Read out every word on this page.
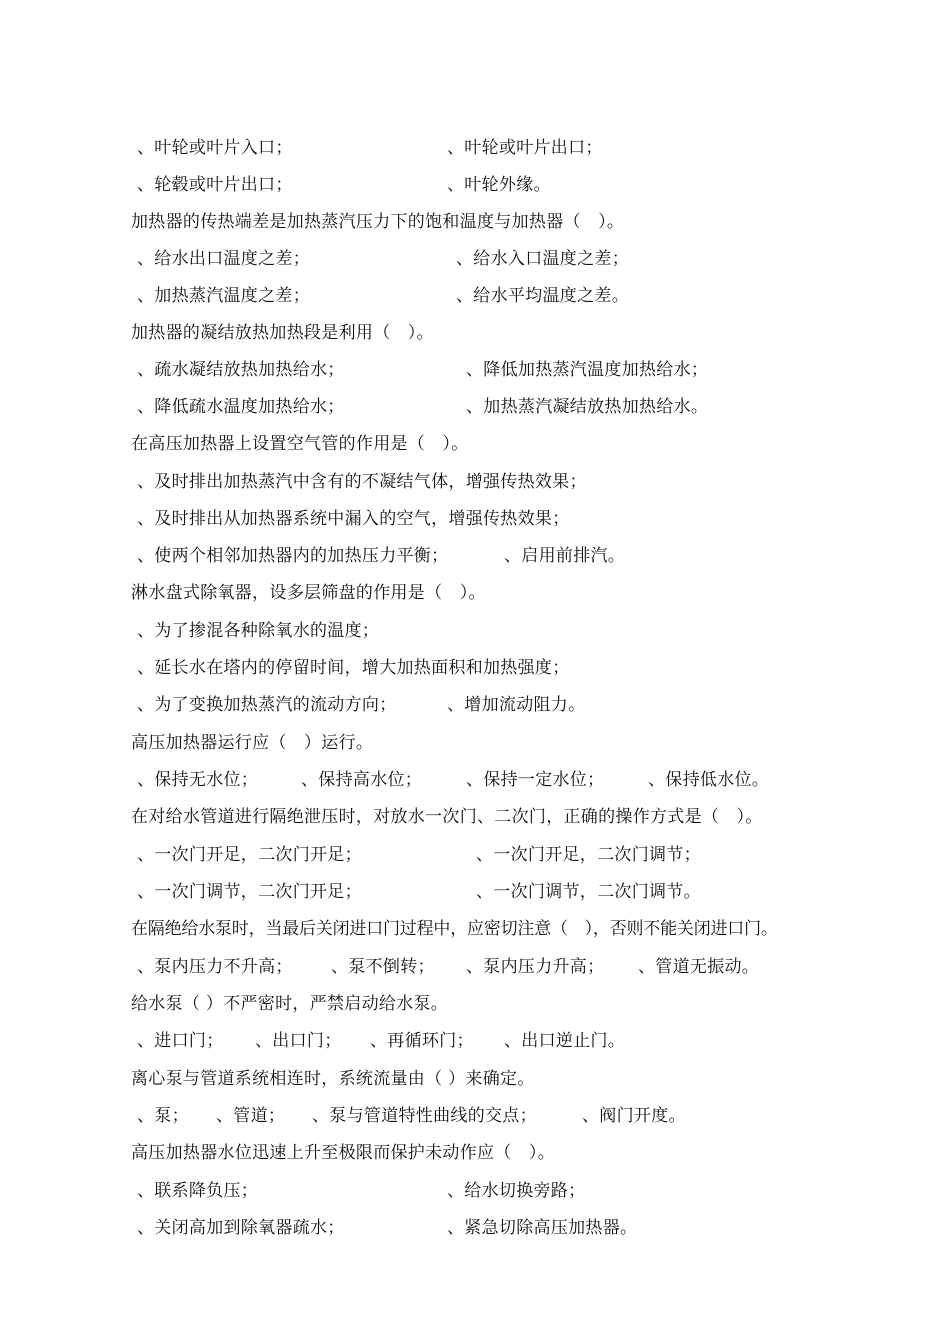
、叶轮或叶片入口；	、叶轮或叶片出口；
、轮毂或叶片出口；	、叶轮外缘。
加热器的传热端差是加热蒸汽压力下的饱和温度与加热器（　）。
、给水出口温度之差；	、给水入口温度之差；
、加热蒸汽温度之差；	、给水平均温度之差。
加热器的凝结放热加热段是利用（　）。
、疏水凝结放热加热给水；	、降低加热蒸汽温度加热给水；
、降低疏水温度加热给水；	、加热蒸汽凝结放热加热给水。
在高压加热器上设置空气管的作用是（　）。
、及时排出加热蒸汽中含有的不凝结气体，增强传热效果；
、及时排出从加热器系统中漏入的空气，增强传热效果；
、使两个相邻加热器内的加热压力平衡；	、启用前排汽。
淋水盘式除氧器，设多层筛盘的作用是（　）。
、为了掺混各种除氧水的温度；
、延长水在塔内的停留时间，增大加热面积和加热强度；
、为了变换加热蒸汽的流动方向；	、增加流动阻力。
高压加热器运行应（　）运行。
、保持无水位；	、保持高水位；	、保持一定水位；	、保持低水位。
在对给水管道进行隔绝泄压时，对放水一次门、二次门，正确的操作方式是（　）。
、一次门开足，二次门开足；	、一次门开足，二次门调节；
、一次门调节，二次门开足；	、一次门调节，二次门调节。
在隔绝给水泵时，当最后关闭进口门过程中，应密切注意（　），否则不能关闭进口门。
、泵内压力不升高； 、泵不倒转； 、泵内压力升高； 、管道无振动。
给水泵（ ）不严密时，严禁启动给水泵。
、进口门； 、出口门； 、再循环门； 、出口逆止门。
离心泵与管道系统相连时，系统流量由（ ）来确定。
、泵； 、管道； 、泵与管道特性曲线的交点；	、阀门开度。
高压加热器水位迅速上升至极限而保护未动作应（　）。
、联系降负压；	、给水切换旁路；
、关闭高加到除氧器疏水；	、紧急切除高压加热器。
